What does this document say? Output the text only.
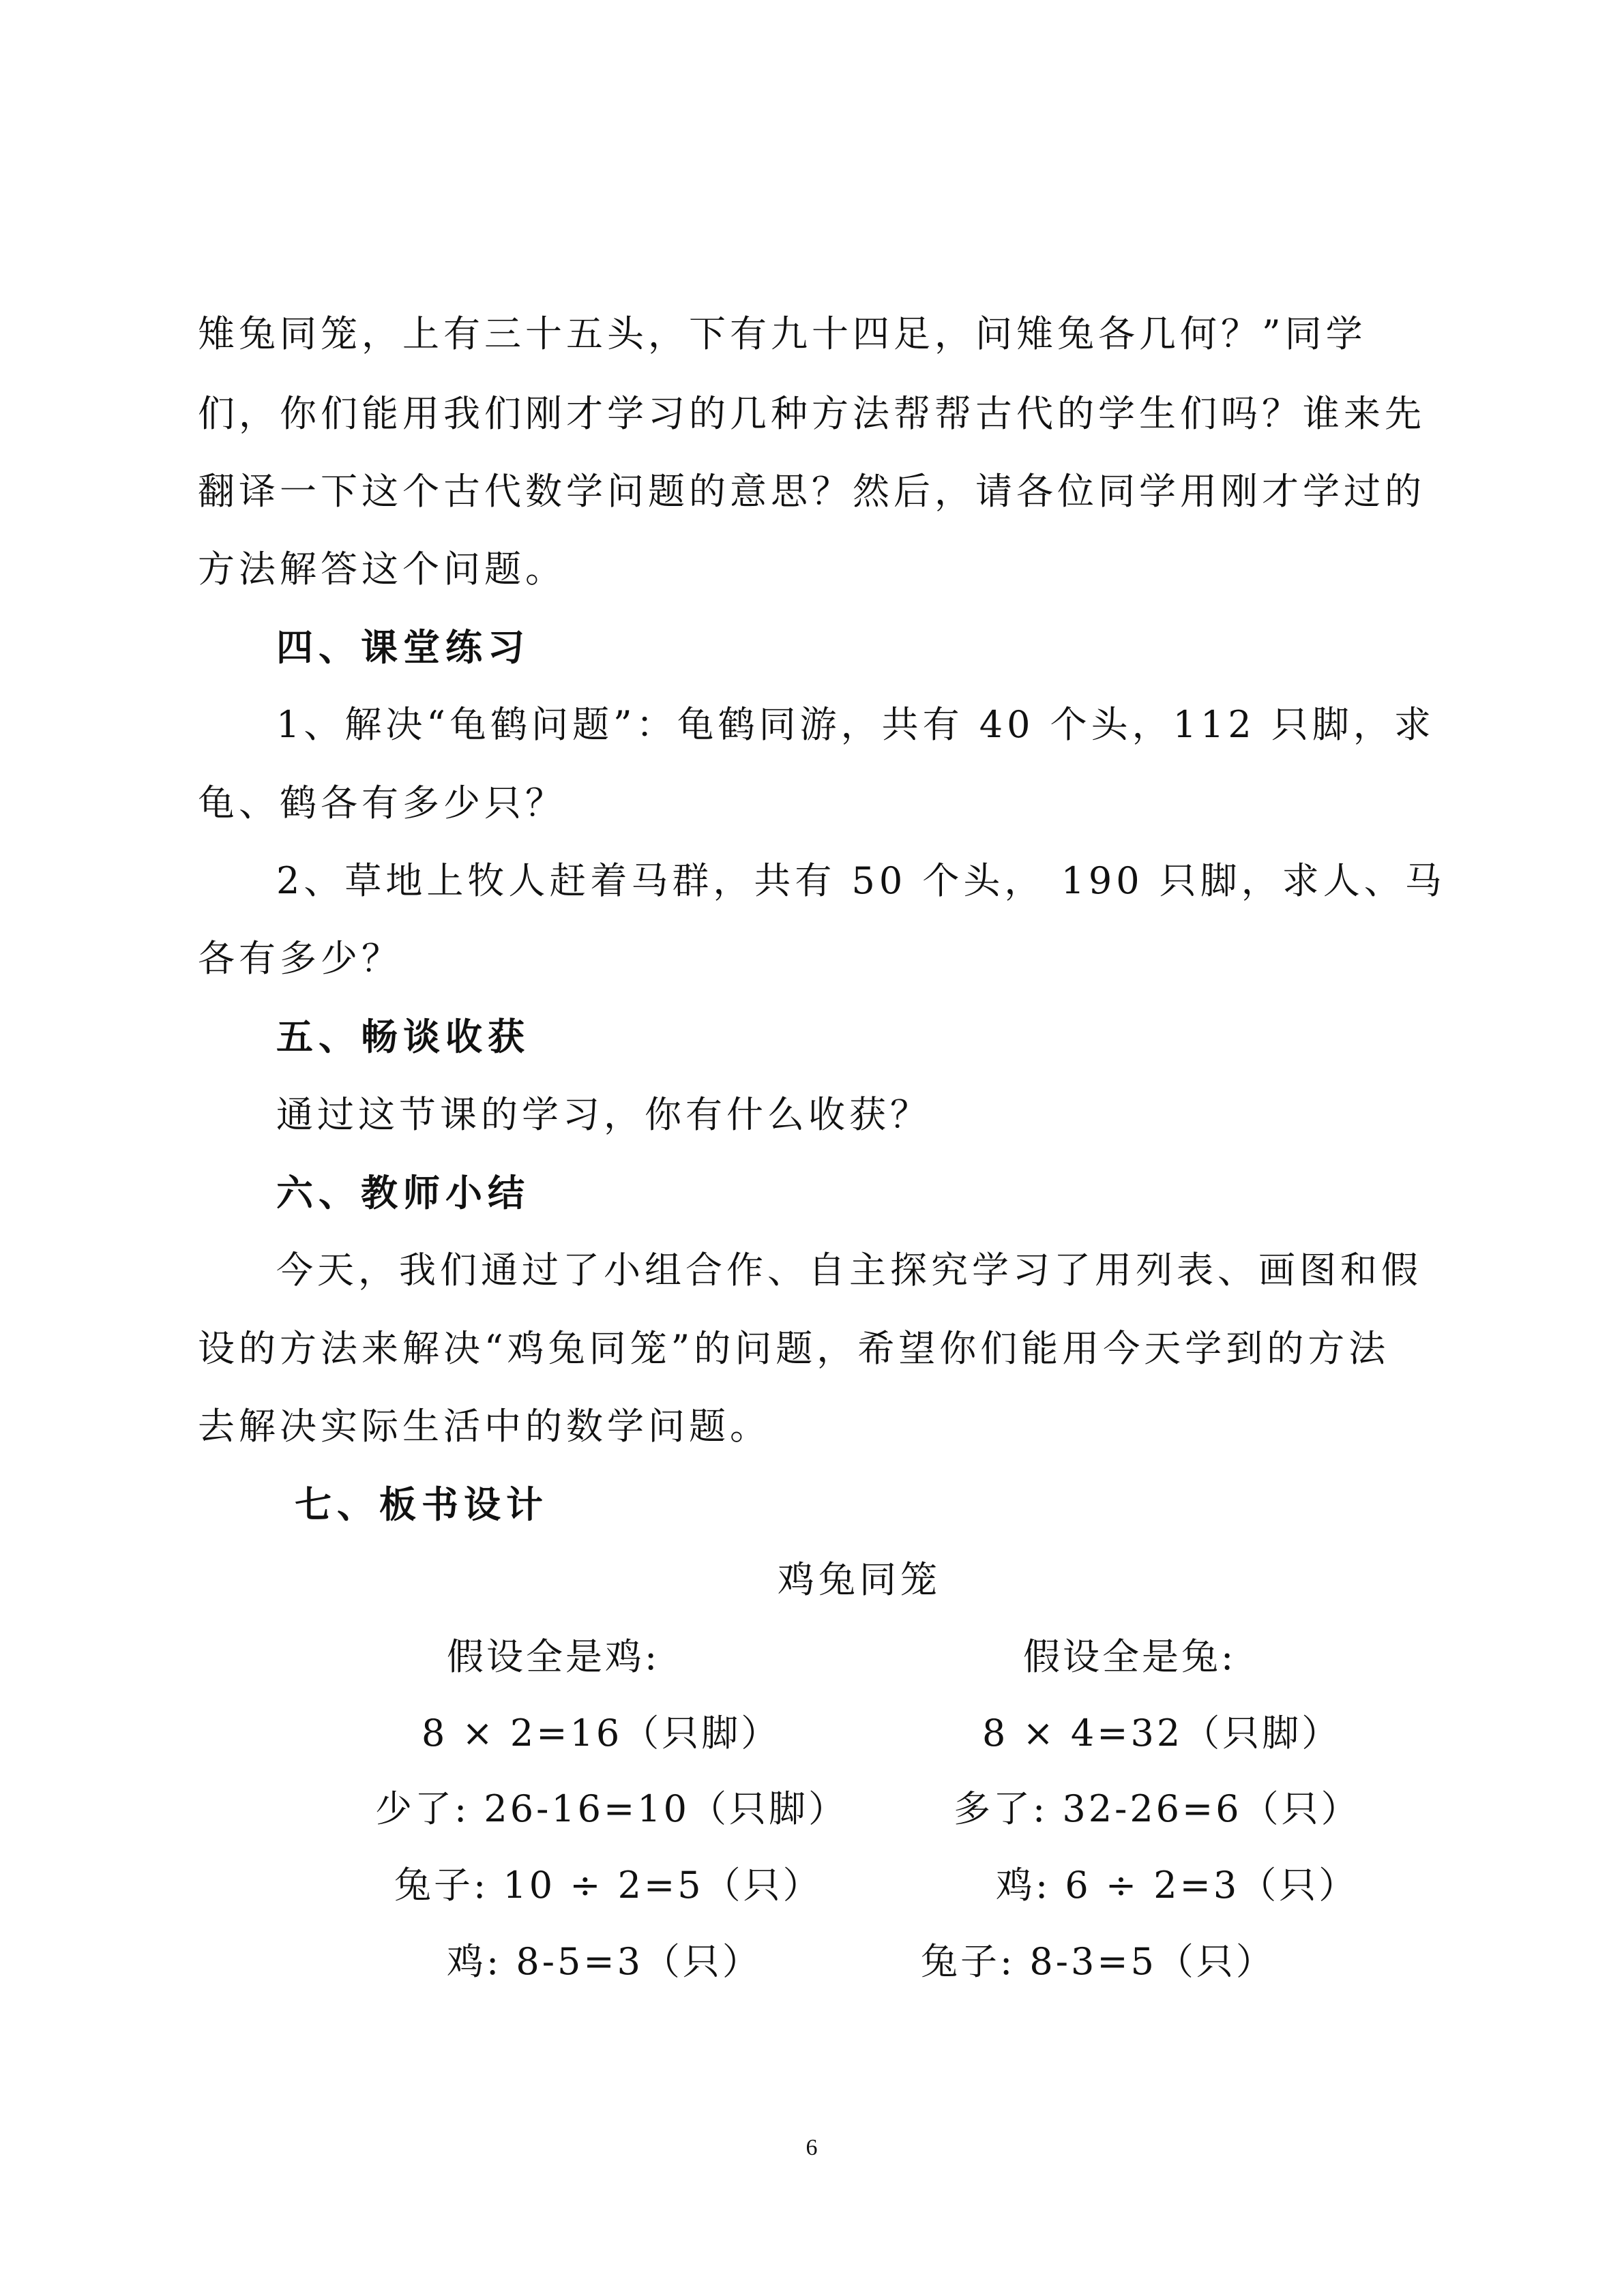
雉兔同笼，上有三十五头，下有九十四足，问雉兔各几何？”同学
们，你们能用我们刚才学习的几种方法帮帮古代的学生们吗？谁来先
翻译一下这个古代数学问题的意思？然后，请各位同学用刚才学过的
方法解答这个问题。
四、课堂练习
1、解决“龟鹤问题”：龟鹤同游，共有 40 个头，112 只脚，求
龟、鹤各有多少只？
2、草地上牧人赶着马群，共有 50 个头， 190 只脚，求人、马
各有多少？
五、畅谈收获
通过这节课的学习，你有什么收获？
六、教师小结
今天，我们通过了小组合作、自主探究学习了用列表、画图和假
设的方法来解决“鸡兔同笼”的问题，希望你们能用今天学到的方法
去解决实际生活中的数学问题。
七、板书设计
鸡兔同笼
假设全是鸡:
8 × 2=16（只脚）
少了: 26-16=10（只脚）
兔子: 10 ÷ 2=5（只）
鸡: 8-5=3（只）
假设全是兔:
8 × 4=32（只脚）
多了: 32-26=6（只）
鸡: 6 ÷ 2=3（只）
兔子: 8-3=5（只）
6
